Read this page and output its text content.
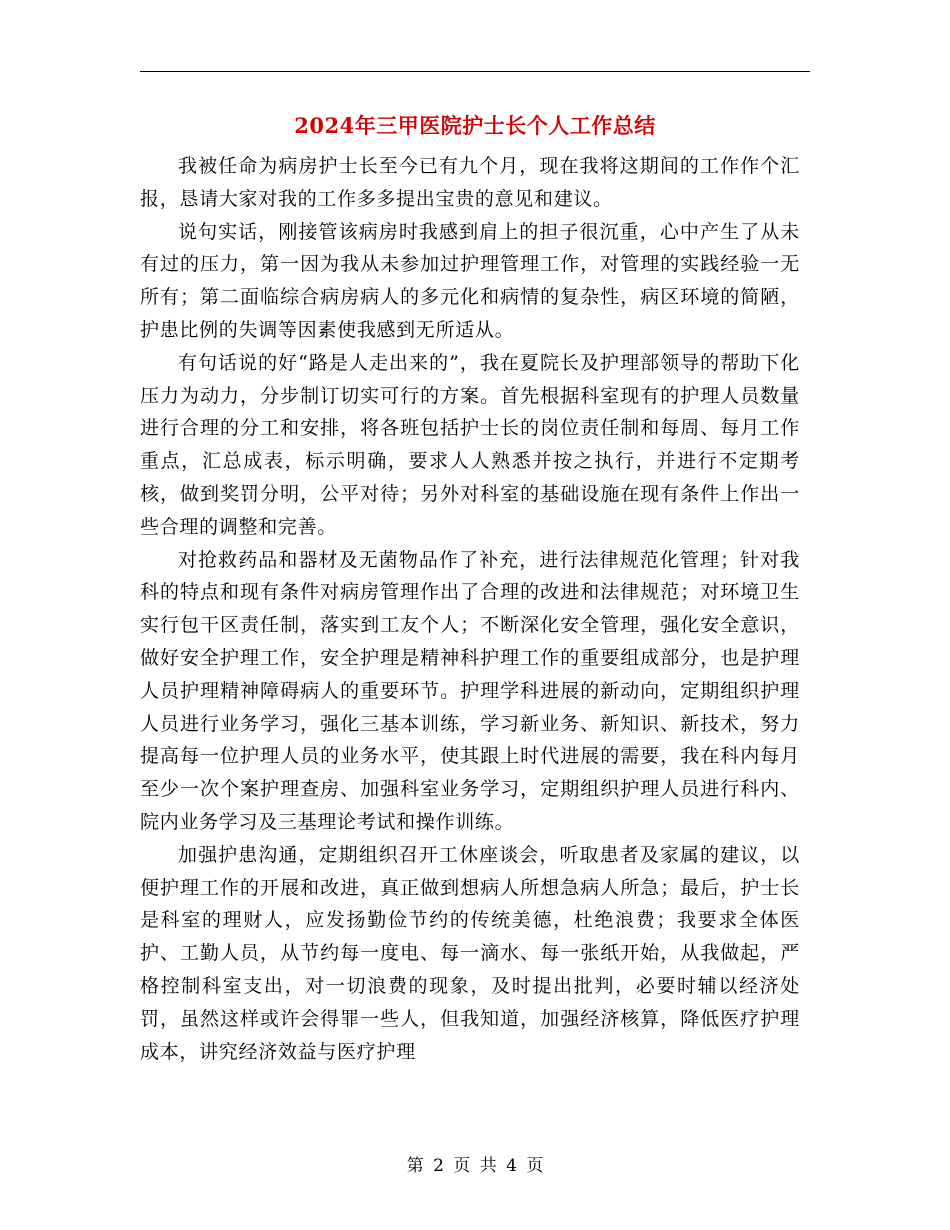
2024年三甲医院护士长个人工作总结

我被任命为病房护士长至今已有九个月，现在我将这期间的工作作个汇报，恳请大家对我的工作多多提出宝贵的意见和建议。

说句实话，刚接管该病房时我感到肩上的担子很沉重，心中产生了从未有过的压力，第一因为我从未参加过护理管理工作，对管理的实践经验一无所有；第二面临综合病房病人的多元化和病情的复杂性，病区环境的简陋，护患比例的失调等因素使我感到无所适从。

有句话说的好“路是人走出来的”，我在夏院长及护理部领导的帮助下化压力为动力，分步制订切实可行的方案。首先根据科室现有的护理人员数量进行合理的分工和安排，将各班包括护士长的岗位责任制和每周、每月工作重点，汇总成表，标示明确，要求人人熟悉并按之执行，并进行不定期考核，做到奖罚分明，公平对待；另外对科室的基础设施在现有条件上作出一些合理的调整和完善。

对抢救药品和器材及无菌物品作了补充，进行法律规范化管理；针对我科的特点和现有条件对病房管理作出了合理的改进和法律规范；对环境卫生实行包干区责任制，落实到工友个人；不断深化安全管理，强化安全意识，做好安全护理工作，安全护理是精神科护理工作的重要组成部分，也是护理人员护理精神障碍病人的重要环节。护理学科进展的新动向，定期组织护理人员进行业务学习，强化三基本训练，学习新业务、新知识、新技术，努力提高每一位护理人员的业务水平，使其跟上时代进展的需要，我在科内每月至少一次个案护理查房、加强科室业务学习，定期组织护理人员进行科内、院内业务学习及三基理论考试和操作训练。

加强护患沟通，定期组织召开工休座谈会，听取患者及家属的建议，以便护理工作的开展和改进，真正做到想病人所想急病人所急；最后，护士长是科室的理财人，应发扬勤俭节约的传统美德，杜绝浪费；我要求全体医护、工勤人员，从节约每一度电、每一滴水、每一张纸开始，从我做起，严格控制科室支出，对一切浪费的现象，及时提出批判，必要时辅以经济处罚，虽然这样或许会得罪一些人，但我知道，加强经济核算，降低医疗护理成本，讲究经济效益与医疗护理

第 2 页 共 4 页
